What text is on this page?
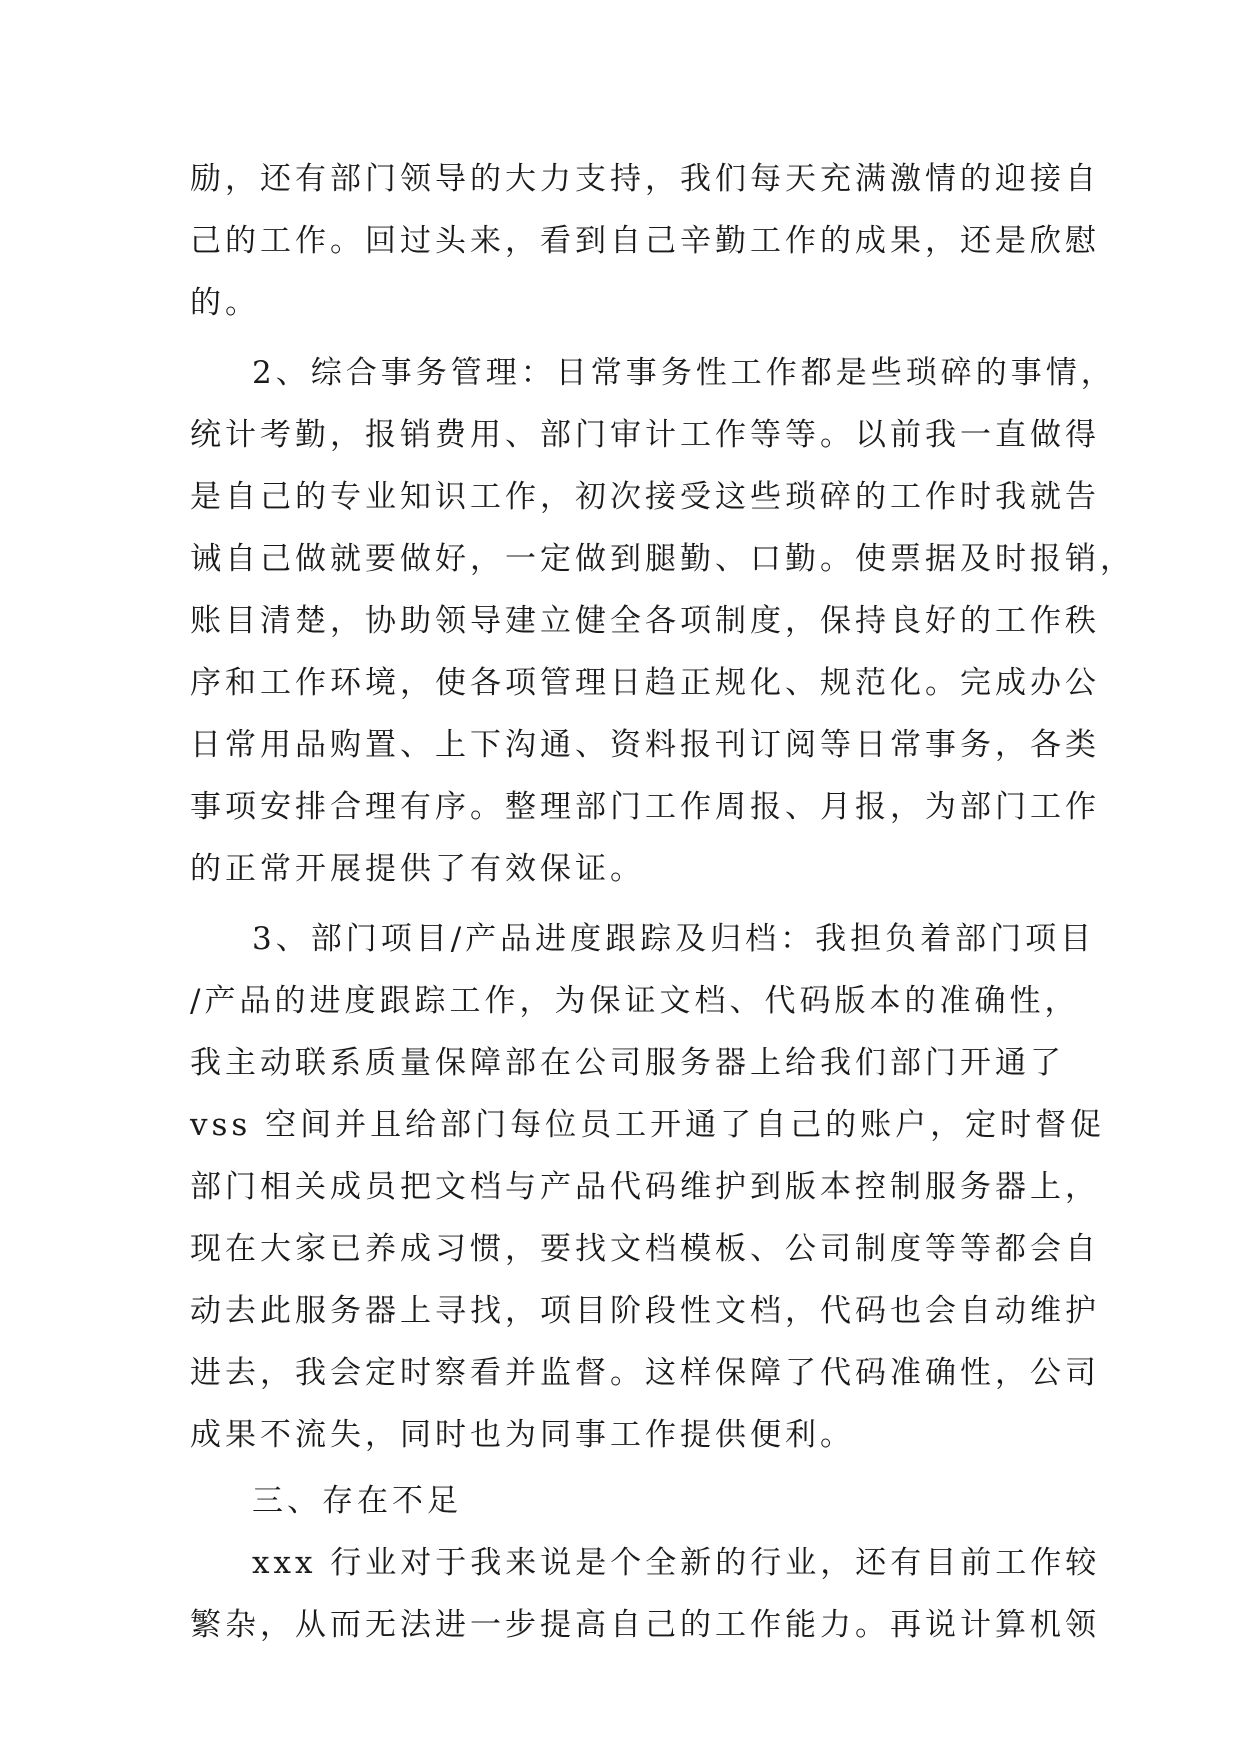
励，还有部门领导的大力支持，我们每天充满激情的迎接自
己的工作。回过头来，看到自己辛勤工作的成果，还是欣慰
的。
2、综合事务管理：日常事务性工作都是些琐碎的事情，
统计考勤，报销费用、部门审计工作等等。以前我一直做得
是自己的专业知识工作，初次接受这些琐碎的工作时我就告
诫自己做就要做好，一定做到腿勤、口勤。使票据及时报销，
账目清楚，协助领导建立健全各项制度，保持良好的工作秩
序和工作环境，使各项管理日趋正规化、规范化。完成办公
日常用品购置、上下沟通、资料报刊订阅等日常事务，各类
事项安排合理有序。整理部门工作周报、月报，为部门工作
的正常开展提供了有效保证。
3、部门项目/产品进度跟踪及归档：我担负着部门项目
/产品的进度跟踪工作，为保证文档、代码版本的准确性，
我主动联系质量保障部在公司服务器上给我们部门开通了
vss 空间并且给部门每位员工开通了自己的账户，定时督促
部门相关成员把文档与产品代码维护到版本控制服务器上，
现在大家已养成习惯，要找文档模板、公司制度等等都会自
动去此服务器上寻找，项目阶段性文档，代码也会自动维护
进去，我会定时察看并监督。这样保障了代码准确性，公司
成果不流失，同时也为同事工作提供便利。
三、存在不足
xxx 行业对于我来说是个全新的行业，还有目前工作较
繁杂，从而无法进一步提高自己的工作能力。再说计算机领
